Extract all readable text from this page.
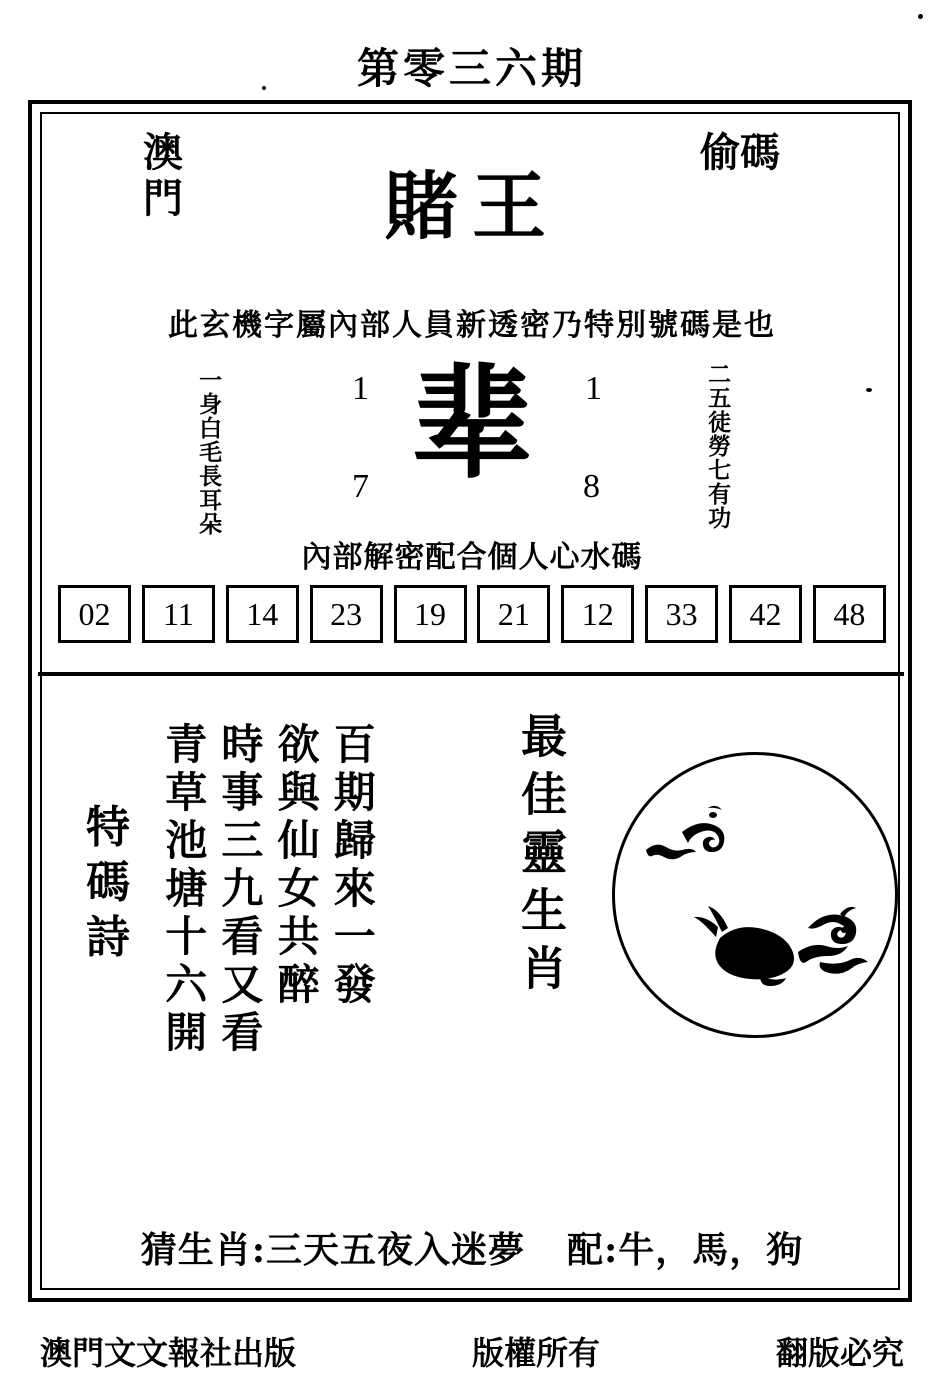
第零三六期
澳門
偷碼
賭王
此玄機字屬內部人員新透密乃特別號碼是也
一身白毛長耳朵	1	1
7	8
辈	二五徒勞七有功
內部解密配合個人心水碼
02	11	14	23	19	21	12	33	42	48
特碼詩	百期歸來一發
欲與仙女共醉
時事三九看又看
青草池塘十六開	最佳靈生肖
猜生肖:三天五夜入迷夢 配:牛，馬，狗
澳門文文報社出版	版權所有	翻版必究
